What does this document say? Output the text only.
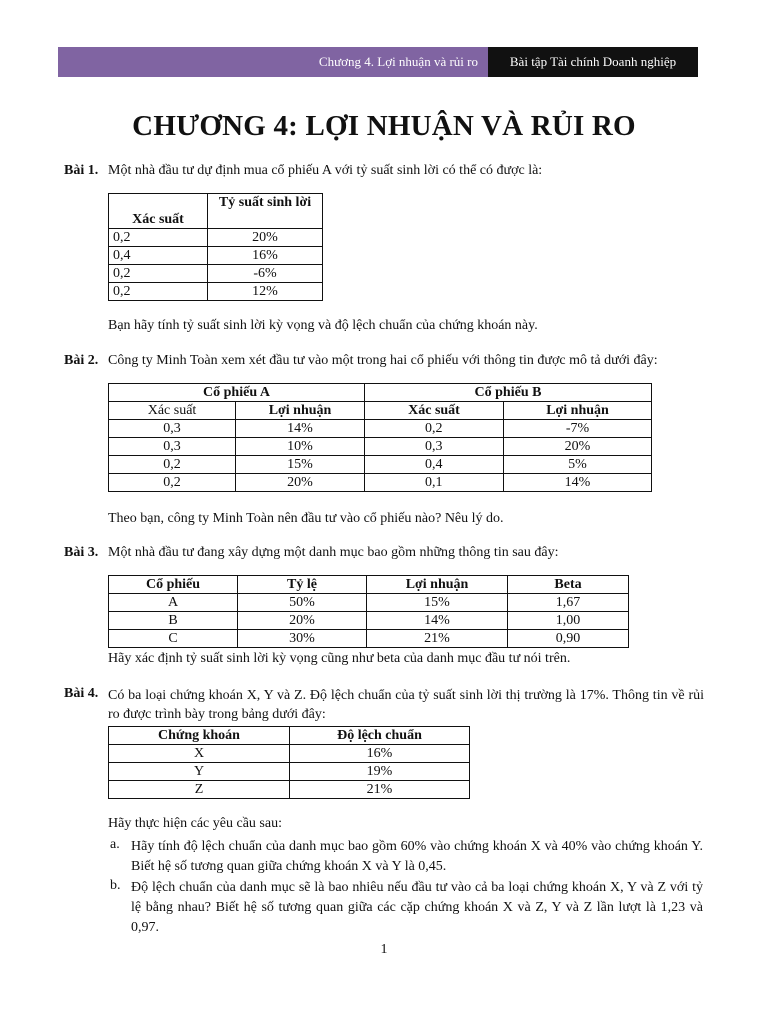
Chương 4. Lợi nhuận và rủi ro	Bài tập Tài chính Doanh nghiệp
CHƯƠNG 4: LỢI NHUẬN VÀ RỦI RO
Bài 1. Một nhà đầu tư dự định mua cổ phiếu A với tỷ suất sinh lời có thể có được là:
Xác suất	Tỷ suất sinh lời
0,2	20%
0,4	16%
0,2	-6%
0,2	12%
Bạn hãy tính tỷ suất sinh lời kỳ vọng và độ lệch chuẩn của chứng khoán này.
Bài 2. Công ty Minh Toàn xem xét đầu tư vào một trong hai cổ phiếu với thông tin được mô tả dưới đây:
Cổ phiếu A		Cổ phiếu B	
Xác suất	Lợi nhuận	Xác suất	Lợi nhuận
0,3	14%	0,2	-7%
0,3	10%	0,3	20%
0,2	15%	0,4	5%
0,2	20%	0,1	14%
Theo bạn, công ty Minh Toàn nên đầu tư vào cổ phiếu nào? Nêu lý do.
Bài 3. Một nhà đầu tư đang xây dựng một danh mục bao gồm những thông tin sau đây:
Cổ phiếu	Tỷ lệ	Lợi nhuận	Beta
A	50%	15%	1,67
B	20%	14%	1,00
C	30%	21%	0,90
Hãy xác định tỷ suất sinh lời kỳ vọng cũng như beta của danh mục đầu tư nói trên.
Bài 4. Có ba loại chứng khoán X, Y và Z. Độ lệch chuẩn của tỷ suất sinh lời thị trường là 17%. Thông tin về rủi ro được trình bày trong bảng dưới đây:
Chứng khoán	Độ lệch chuẩn
X	16%
Y	19%
Z	21%
Hãy thực hiện các yêu cầu sau:
a. Hãy tính độ lệch chuẩn của danh mục bao gồm 60% vào chứng khoán X và 40% vào chứng khoán Y. Biết hệ số tương quan giữa chứng khoán X và Y là 0,45.
b. Độ lệch chuẩn của danh mục sẽ là bao nhiêu nếu đầu tư vào cả ba loại chứng khoán X, Y và Z với tỷ lệ bằng nhau? Biết hệ số tương quan giữa các cặp chứng khoán X và Z, Y và Z lần lượt là 1,23 và 0,97.
1
